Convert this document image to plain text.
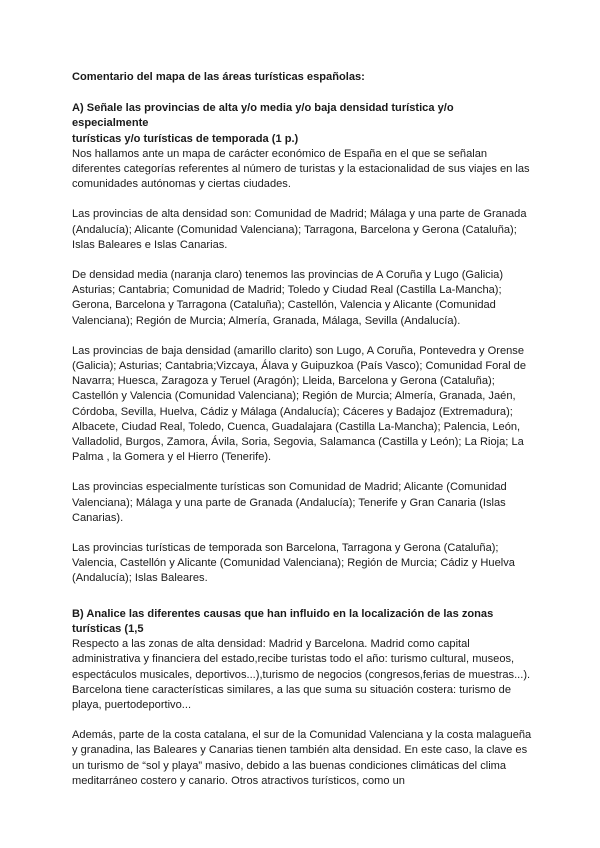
Comentario del mapa de las áreas turísticas españolas:

A) Señale las provincias de alta y/o media y/o baja densidad turística y/o especialmente

turísticas y/o turísticas de temporada (1 p.)

Nos hallamos ante un mapa de carácter económico de España en el que se señalan diferentes categorías referentes al número de turistas y la estacionalidad de sus viajes en las comunidades autónomas y ciertas ciudades.

Las provincias de alta densidad son: Comunidad de Madrid; Málaga y una parte de Granada (Andalucía); Alicante (Comunidad Valenciana); Tarragona, Barcelona y Gerona (Cataluña); Islas Baleares e Islas Canarias.

De densidad media (naranja claro) tenemos las provincias de A Coruña y Lugo (Galicia) Asturias; Cantabria; Comunidad de Madrid; Toledo y Ciudad Real (Castilla La-Mancha); Gerona, Barcelona y Tarragona (Cataluña); Castellón, Valencia y Alicante (Comunidad Valenciana); Región de Murcia; Almería, Granada, Málaga, Sevilla (Andalucía).

Las provincias de baja densidad (amarillo clarito) son Lugo, A Coruña, Pontevedra y Orense (Galicia); Asturias; Cantabria;Vizcaya, Álava y Guipuzkoa (País Vasco); Comunidad Foral de Navarra; Huesca, Zaragoza y Teruel (Aragón); Lleida, Barcelona y Gerona (Cataluña); Castellón y Valencia (Comunidad Valenciana); Región de Murcia; Almería, Granada, Jaén, Córdoba, Sevilla, Huelva, Cádiz y Málaga (Andalucía); Cáceres y Badajoz (Extremadura); Albacete, Ciudad Real, Toledo, Cuenca, Guadalajara (Castilla La-Mancha); Palencia, León, Valladolid, Burgos, Zamora, Ávila, Soria, Segovia, Salamanca (Castilla y León); La Rioja; La Palma , la Gomera y el Hierro (Tenerife).

Las provincias especialmente turísticas son Comunidad de Madrid; Alicante (Comunidad Valenciana); Málaga y una parte de Granada (Andalucía); Tenerife y Gran Canaria (Islas Canarias).

Las provincias turísticas de temporada son Barcelona, Tarragona y Gerona (Cataluña); Valencia, Castellón y Alicante (Comunidad Valenciana); Región de Murcia; Cádiz y Huelva (Andalucía); Islas Baleares.

B) Analice las diferentes causas que han influido en la localización de las zonas

turísticas (1,5

Respecto a las zonas de alta densidad: Madrid y Barcelona. Madrid como capital administrativa y financiera del estado,recibe turistas todo el año: turismo cultural, museos, espectáculos musicales, deportivos...),turismo de negocios (congresos,ferias de muestras...). Barcelona tiene características similares, a las que suma su situación costera: turismo de playa, puertodeportivo...

Además, parte de la costa catalana, el sur de la Comunidad Valenciana y la costa malagueña y granadina, las Baleares y Canarias tienen también alta densidad. En este caso, la clave es un turismo de “sol y playa” masivo, debido a las buenas condiciones climáticas del clima meditarráneo costero y canario. Otros atractivos turísticos, como un
